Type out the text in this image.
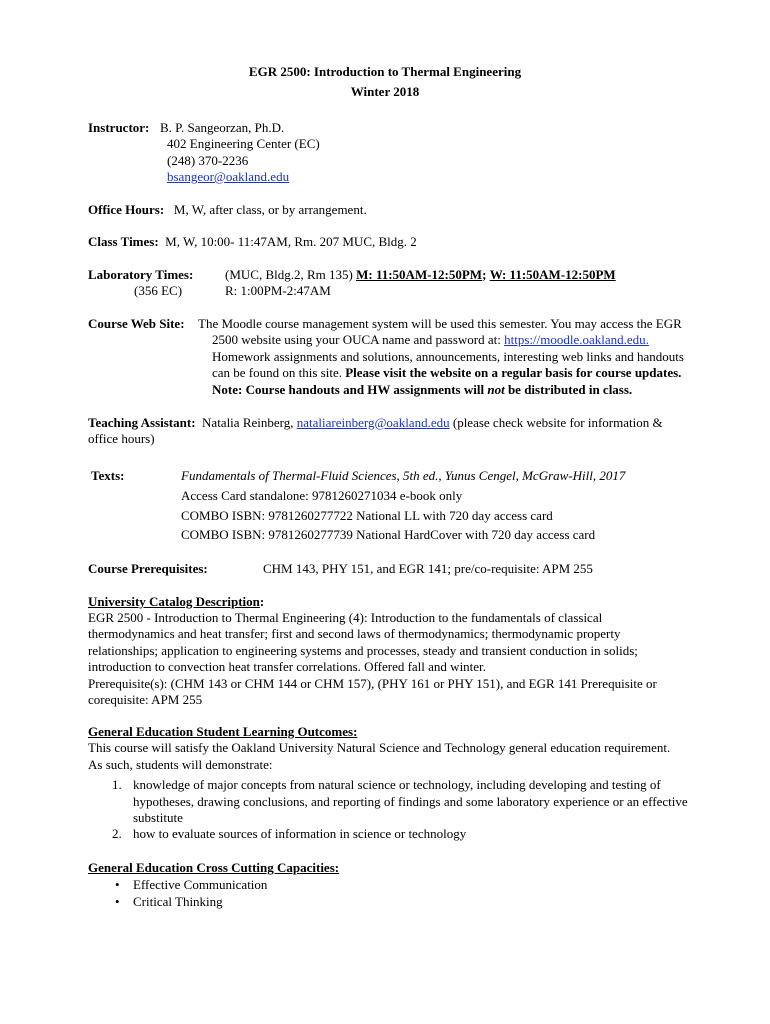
EGR 2500: Introduction to Thermal Engineering
Winter 2018
Instructor: B. P. Sangeorzan, Ph.D.
402 Engineering Center (EC)
(248) 370-2236
bsangeor@oakland.edu
Office Hours: M, W, after class, or by arrangement.
Class Times: M, W, 10:00- 11:47AM, Rm. 207 MUC, Bldg. 2
Laboratory Times: (MUC, Bldg.2, Rm 135) M: 11:50AM-12:50PM; W: 11:50AM-12:50PM
(356 EC)	R: 1:00PM-2:47AM
Course Web Site: The Moodle course management system will be used this semester. You may access the EGR
2500 website using your OUCA name and password at: https://moodle.oakland.edu.
Homework assignments and solutions, announcements, interesting web links and handouts
can be found on this site. Please visit the website on a regular basis for course updates.
Note: Course handouts and HW assignments will not be distributed in class.
Teaching Assistant: Natalia Reinberg, nataliareinberg@oakland.edu (please check website for information &
office hours)
Texts:	Fundamentals of Thermal-Fluid Sciences, 5th ed., Yunus Cengel, McGraw-Hill, 2017
Access Card standalone: 9781260271034 e-book only
COMBO ISBN: 9781260277722 National LL with 720 day access card
COMBO ISBN: 9781260277739 National HardCover with 720 day access card
Course Prerequisites:	CHM 143, PHY 151, and EGR 141; pre/co-requisite: APM 255
University Catalog Description:
EGR 2500 - Introduction to Thermal Engineering (4): Introduction to the fundamentals of classical
thermodynamics and heat transfer; first and second laws of thermodynamics; thermodynamic property
relationships; application to engineering systems and processes, steady and transient conduction in solids;
introduction to convection heat transfer correlations. Offered fall and winter.
Prerequisite(s): (CHM 143 or CHM 144 or CHM 157), (PHY 161 or PHY 151), and EGR 141 Prerequisite or
corequisite: APM 255
General Education Student Learning Outcomes:
This course will satisfy the Oakland University Natural Science and Technology general education requirement.
As such, students will demonstrate:
1. knowledge of major concepts from natural science or technology, including developing and testing of
hypotheses, drawing conclusions, and reporting of findings and some laboratory experience or an effective
substitute
2. how to evaluate sources of information in science or technology
General Education Cross Cutting Capacities:
• Effective Communication
• Critical Thinking
